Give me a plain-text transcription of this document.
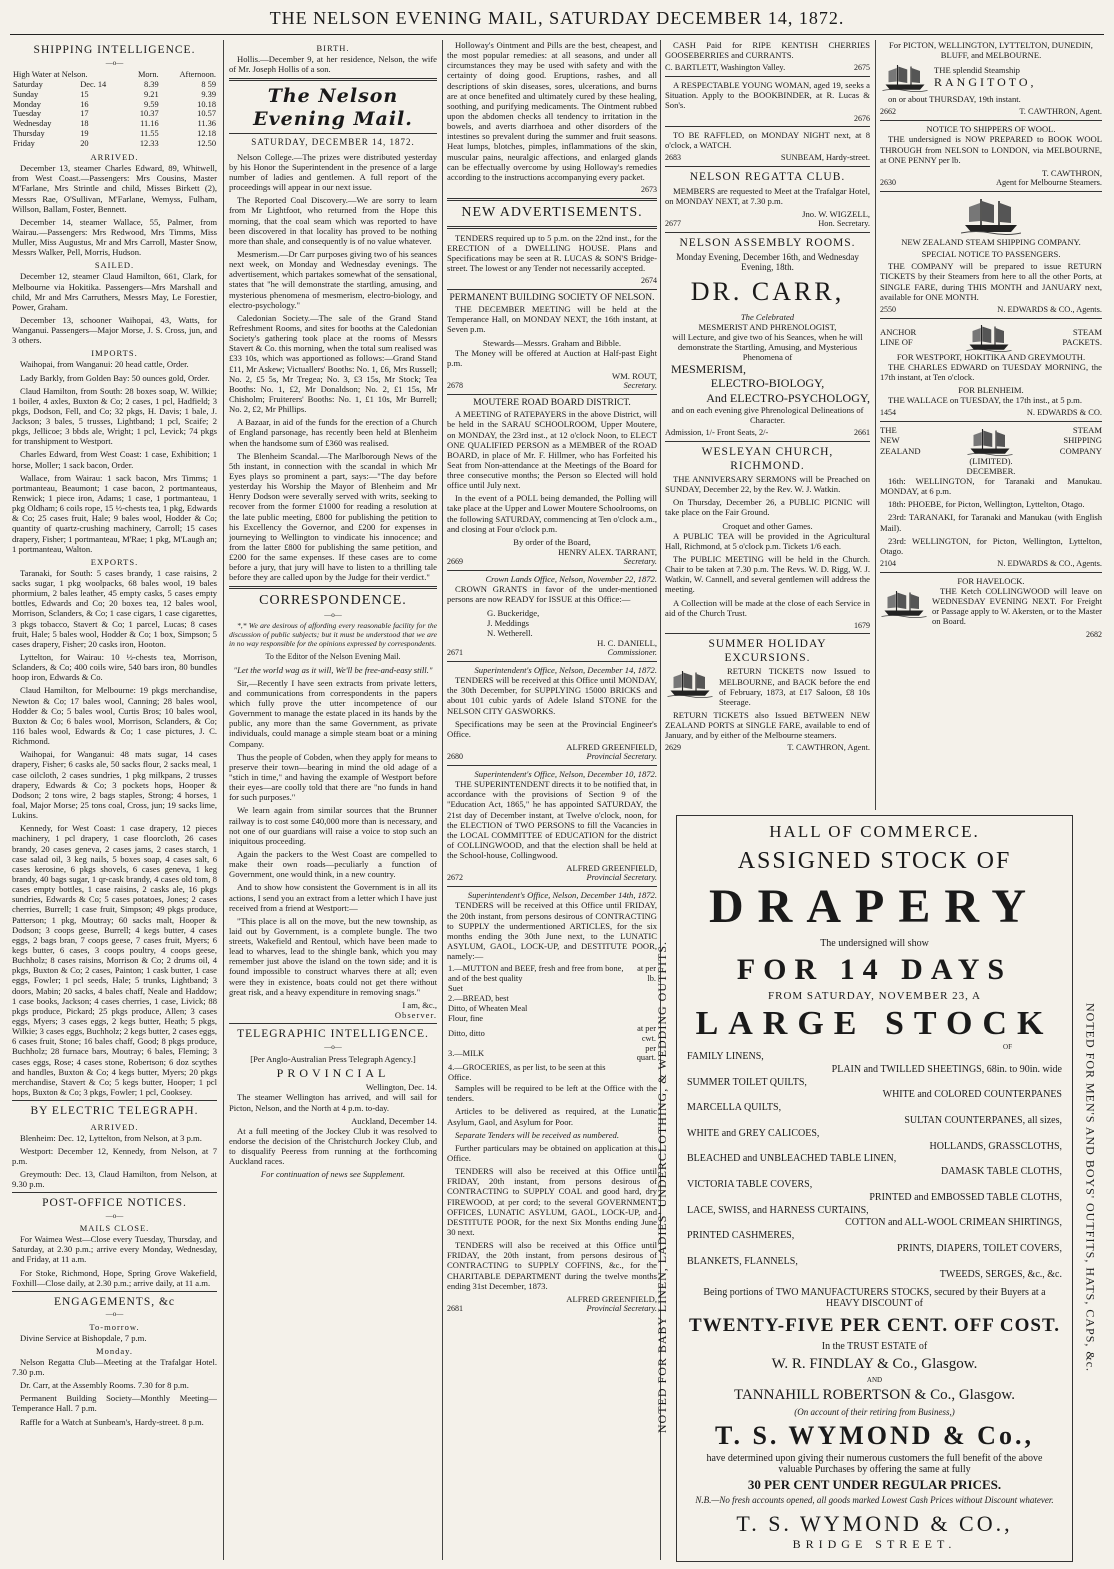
THE NELSON EVENING MAIL, SATURDAY DECEMBER 14, 1872.
SHIPPING INTELLIGENCE.
—o—
High Water at Nelson.		Morn.	Afternoon.
Saturday	Dec. 14	8.39	8 59
Sunday	15	9.21	9.39
Monday	16	9.59	10.18
Tuesday	17	10.37	10.57
Wednesday	18	11.16	11.36
Thursday	19	11.55	12.18
Friday	20	12.33	12.50
ARRIVED.

December 13, steamer Charles Edward, 89, Whitwell, from West Coast.—Passengers: Mrs Cousins, Master M'Farlane, Mrs Strintle and child, Misses Birkett (2), Messrs Rae, O'Sullivan, M'Farlane, Wemyss, Fulham, Willson, Ballam, Foster, Bennett.

December 14, steamer Wallace, 55, Palmer, from Wairau.—Passengers: Mrs Redwood, Mrs Timms, Miss Muller, Miss Augustus, Mr and Mrs Carroll, Master Snow, Messrs Walker, Pell, Morris, Hudson.

SAILED.

December 12, steamer Claud Hamilton, 661, Clark, for Melbourne via Hokitika. Passengers—Mrs Marshall and child, Mr and Mrs Carruthers, Messrs May, Le Forestier, Power, Graham.

December 13, schooner Waihopai, 43, Watts, for Wanganui. Passengers—Major Morse, J. S. Cross, jun, and 3 others.

IMPORTS.

Waihopai, from Wanganui: 20 head cattle, Order.

Lady Barkly, from Golden Bay: 50 ounces gold, Order.

Claud Hamilton, from South: 28 boxes soap, W. Wilkie; 1 boiler, 4 axles, Buxton & Co; 2 cases, 1 pcl, Hadfield; 3 pkgs, Dodson, Fell, and Co; 32 pkgs, H. Davis; 1 bale, J. Jackson; 3 bales, 5 trusses, Lightband; 1 pcl, Scaife; 2 pkgs, Jellicoe; 3 bbds ale, Wright; 1 pcl, Levick; 74 pkgs for transhipment to Westport.

Charles Edward, from West Coast: 1 case, Exhibition; 1 horse, Moller; 1 sack bacon, Order.

Wallace, from Wairau: 1 sack bacon, Mrs Timms; 1 portmanteau, Beaumont; 1 case bacon, 2 portmanteaus, Renwick; 1 piece iron, Adams; 1 case, 1 portmanteau, 1 pkg Oldham; 6 coils rope, 15 ½-chests tea, 1 pkg, Edwards & Co; 25 cases fruit, Hale; 9 bales wool, Hodder & Co; quantity of quartz-crushing machinery, Carroll; 15 cases drapery, Fisher; 1 portmanteau, M'Rae; 1 pkg, M'Laugh an; 1 portmanteau, Walton.

EXPORTS.

Taranaki, for South: 5 cases brandy, 1 case raisins, 2 sacks sugar, 1 pkg woolpacks, 68 bales wool, 19 bales phormium, 2 bales leather, 45 empty casks, 5 cases empty bottles, Edwards and Co; 20 boxes tea, 12 bales wool, Morrison, Sclanders, & Co; 1 case cigars, 1 case cigarettes, 3 pkgs tobacco, Stavert & Co; 1 parcel, Lucas; 8 cases fruit, Hale; 5 bales wool, Hodder & Co; 1 box, Simpson; 5 cases drapery, Fisher; 20 casks iron, Hooton.

Lyttelton, for Wairau: 10 ½-chests tea, Morrison, Sclanders, & Co; 400 coils wire, 540 bars iron, 80 bundles hoop iron, Edwards & Co.

Claud Hamilton, for Melbourne: 19 pkgs merchandise, Newton & Co; 17 bales wool, Canning; 28 bales wool, Hodder & Co; 5 bales wool, Curtis Bros; 10 bales wool, Buxton & Co; 6 bales wool, Morrison, Sclanders, & Co; 116 bales wool, Edwards & Co; 1 case pictures, J. C. Richmond.

Waihopai, for Wanganui: 48 mats sugar, 14 cases drapery, Fisher; 6 casks ale, 50 sacks flour, 2 sacks meal, 1 case oilcloth, 2 cases sundries, 1 pkg milkpans, 2 trusses drapery, Edwards & Co; 3 pockets hops, Hooper & Dodson; 2 tons wire, 2 bags staples, Strong; 4 horses, 1 foal, Major Morse; 25 tons coal, Cross, jun; 19 sacks lime, Lukins.

Kennedy, for West Coast: 1 case drapery, 12 pieces machinery, 1 pcl drapery, 1 case floorcloth, 26 cases brandy, 20 cases geneva, 2 cases jams, 2 cases starch, 1 case salad oil, 3 keg nails, 5 boxes soap, 4 cases salt, 6 cases kerosine, 6 pkgs shovels, 6 cases geneva, 1 keg brandy, 40 bags sugar, 1 qr-cask brandy, 4 cases old tom, 8 cases empty bottles, 1 case raisins, 2 casks ale, 16 pkgs sundries, Edwards & Co; 5 cases potatoes, Jones; 2 cases cherries, Burrell; 1 case fruit, Simpson; 49 pkgs produce, Patterson; 1 pkg, Moutray; 60 sacks malt, Hooper & Dodson; 3 coops geese, Burrell; 4 kegs butter, 4 cases eggs, 2 bags bran, 7 coops geese, 7 cases fruit, Myers; 6 kegs butter, 6 cases, 3 coops poultry, 4 coops geese, Buchholz; 8 cases raisins, Morrison & Co; 2 drums oil, 4 pkgs, Buxton & Co; 2 cases, Painton; 1 cask butter, 1 case eggs, Fowler; 1 pcl seeds, Hale; 5 trunks, Lightband; 3 doors, Mabin; 20 sacks, 4 bales chaff, Neale and Haddow; 1 case books, Jackson; 4 cases cherries, 1 case, Livick; 88 pkgs produce, Pickard; 25 pkgs produce, Allen; 3 cases eggs, Myers; 3 cases eggs, 2 kegs butter, Heath; 5 pkgs, Wilkie; 3 cases eggs, Buchholz; 2 kegs butter, 2 cases eggs, 6 cases fruit, Stone; 16 bales chaff, Good; 8 pkgs produce, Buchholz; 28 furnace bars, Moutray; 6 bales, Fleming; 3 cases eggs, Rose; 4 cases stone, Robertson; 6 doz scythes and handles, Buxton & Co; 4 kegs butter, Myers; 20 pkgs merchandise, Stavert & Co; 5 kegs butter, Hooper; 1 pcl hops, Buxton & Co; 3 pkgs, Fowler; 1 pcl, Cooksey.

BY ELECTRIC TELEGRAPH.
ARRIVED.

Blenheim: Dec. 12, Lyttelton, from Nelson, at 3 p.m.

Westport: December 12, Kennedy, from Nelson, at 7 p.m.

Greymouth: Dec. 13, Claud Hamilton, from Nelson, at 9.30 p.m.

POST-OFFICE NOTICES.
—o—
MAILS CLOSE.

For Waimea West—Close every Tuesday, Thursday, and Saturday, at 2.30 p.m.; arrive every Monday, Wednesday, and Friday, at 11 a.m.

For Stoke, Richmond, Hope, Spring Grove Wakefield, Foxhill—Close daily, at 2.30 p.m.; arrive daily, at 11 a.m.

ENGAGEMENTS, &c
—o—
To-morrow.

Divine Service at Bishopdale, 7 p.m.

Monday.

Nelson Regatta Club—Meeting at the Trafalgar Hotel. 7.30 p.m.

Dr. Carr, at the Assembly Rooms. 7.30 for 8 p.m.

Permanent Building Society—Monthly Meeting—Temperance Hall. 7 p.m.

Raffle for a Watch at Sunbeam's, Hardy-street. 8 p.m.

BIRTH.

Hollis.—December 9, at her residence, Nelson, the wife of Mr. Joseph Hollis of a son.

The Nelson Evening Mail.
SATURDAY, DECEMBER 14, 1872.

Nelson College.—The prizes were distributed yesterday by his Honor the Superintendent in the presence of a large number of ladies and gentlemen. A full report of the proceedings will appear in our next issue.

The Reported Coal Discovery.—We are sorry to learn from Mr Lightfoot, who returned from the Hope this morning, that the coal seam which was reported to have been discovered in that locality has proved to be nothing more than shale, and consequently is of no value whatever.

Mesmerism.—Dr Carr purposes giving two of his seances next week, on Monday and Wednesday evenings. The advertisement, which partakes somewhat of the sensational, states that "he will demonstrate the startling, amusing, and mysterious phenomena of mesmerism, electro-biology, and electro-psychology."

Caledonian Society.—The sale of the Grand Stand Refreshment Rooms, and sites for booths at the Caledonian Society's gathering took place at the rooms of Messrs Stavert & Co. this morning, when the total sum realised was £33 10s, which was apportioned as follows:—Grand Stand £11, Mr Askew; Victuallers' Booths: No. 1, £6, Mrs Russell; No. 2, £5 5s, Mr Tregea; No. 3, £3 15s, Mr Stock; Tea Booths: No. 1, £2, Mr Donaldson; No. 2, £1 15s, Mr Chisholm; Fruiterers' Booths: No. 1, £1 10s, Mr Burrell; No. 2, £2, Mr Phillips.

A Bazaar, in aid of the funds for the erection of a Church of England parsonage, has recently been held at Blenheim when the handsome sum of £360 was realised.

The Blenheim Scandal.—The Marlborough News of the 5th instant, in connection with the scandal in which Mr Eyes plays so prominent a part, says:—"The day before yesterday his Worship the Mayor of Blenheim and Mr Henry Dodson were severally served with writs, seeking to recover from the former £1000 for reading a resolution at the late public meeting, £800 for publishing the petition to his Excellency the Governor, and £200 for expenses in journeying to Wellington to vindicate his innocence; and from the latter £800 for publishing the same petition, and £200 for the same expenses. If these cases are to come before a jury, that jury will have to listen to a thrilling tale before they are called upon by the Judge for their verdict."

CORRESPONDENCE.
—o—

*,* We are desirous of affording every reasonable facility for the discussion of public subjects; but it must be understood that we are in no way responsible for the opinions expressed by correspondents.

To the Editor of the Nelson Evening Mail.
"Let the world wag as it will, We'll be free-and-easy still."

Sir,—Recently I have seen extracts from private letters, and communications from correspondents in the papers which fully prove the utter incompetence of our Government to manage the estate placed in its hands by the public, any more than the same Government, as private individuals, could manage a simple steam boat or a mining Company.

Thus the people of Cobden, when they apply for means to preserve their town—bearing in mind the old adage of a "stich in time," and having the example of Westport before their eyes—are coolly told that there are "no funds in hand for such purposes."

We learn again from similar sources that the Brunner railway is to cost some £40,000 more than is necessary, and not one of our guardians will raise a voice to stop such an iniquitous proceeding.

Again the packers to the West Coast are compelled to make their own roads—peculiarly a function of Government, one would think, in a new country.

And to show how consistent the Government is in all its actions, I send you an extract from a letter which I have just received from a friend at Westport:—

"This place is all on the move, but the new township, as laid out by Government, is a complete bungle. The two streets, Wakefield and Rentoul, which have been made to lead to wharves, lead to the shingle bank, which you may remember just above the island on the town side; and it is found impossible to construct wharves there at all; even were they in existence, boats could not get there without great risk, and a heavy expenditure in removing snags."

I am, &c.,
Observer.
TELEGRAPHIC INTELLIGENCE.
—o—
[Per Anglo-Australian Press Telegraph Agency.]
PROVINCIAL
Wellington, Dec. 14.

The steamer Wellington has arrived, and will sail for Picton, Nelson, and the North at 4 p.m. to-day.

Auckland, December 14.

At a full meeting of the Jockey Club it was resolved to endorse the decision of the Christchurch Jockey Club, and to disqualify Peeress from running at the forthcoming Auckland races.

For continuation of news see Supplement.

Holloway's Ointment and Pills are the best, cheapest, and the most popular remedies: at all seasons, and under all circumstances they may be used with safety and with the certainty of doing good. Eruptions, rashes, and all descriptions of skin diseases, sores, ulcerations, and burns are at once benefited and ultimately cured by these healing, soothing, and purifying medicaments. The Ointment rubbed upon the abdomen checks all tendency to irritation in the bowels, and averts diarrhoea and other disorders of the intestines so prevalent during the summer and fruit seasons. Heat lumps, blotches, pimples, inflammations of the skin, muscular pains, neuralgic affections, and enlarged glands can be effectually overcome by using Holloway's remedies according to the instructions accompanying every packet.

2673
NEW ADVERTISEMENTS.

TENDERS required up to 5 p.m. on the 22nd inst., for the ERECTION of a DWELLING HOUSE. Plans and Specifications may be seen at R. LUCAS & SON'S Bridge-street. The lowest or any Tender not necessarily accepted.

2674
PERMANENT BUILDING SOCIETY OF NELSON.

THE DECEMBER MEETING will be held at the Temperance Hall, on MONDAY NEXT, the 16th instant, at Seven p.m.

Stewards—Messrs. Graham and Bibble.

The Money will be offered at Auction at Half-past Eight p.m.

WM. ROUT,
2678	Secretary.
MOUTERE ROAD BOARD DISTRICT.

A MEETING of RATEPAYERS in the above District, will be held in the SARAU SCHOOLROOM, Upper Moutere, on MONDAY, the 23rd inst., at 12 o'clock Noon, to ELECT ONE QUALIFIED PERSON as a MEMBER of the ROAD BOARD, in place of Mr. F. Hillmer, who has Forfeited his Seat from Non-attendance at the Meetings of the Board for three consecutive months; the Person so Elected will hold office until July next.

In the event of a POLL being demanded, the Polling will take place at the Upper and Lower Moutere Schoolrooms, on the following SATURDAY, commencing at Ten o'clock a.m., and closing at Four o'clock p.m.

By order of the Board,
HENRY ALEX. TARRANT,
2669	Secretary.
Crown Lands Office, Nelson, November 22, 1872.

CROWN GRANTS in favor of the under-mentioned persons are now READY for ISSUE at this Office:—

G. Buckeridge,
J. Meddings
N. Wetherell.
H. C. DANIELL,
2671	Commissioner.
Superintendent's Office, Nelson, December 14, 1872.

TENDERS will be received at this Office until MONDAY, the 30th December, for SUPPLYING 15000 BRICKS and about 101 cubic yards of Adele Island STONE for the NELSON CITY GASWORKS.

Specifications may be seen at the Provincial Engineer's Office.

ALFRED GREENFIELD,
2680	Provincial Secretary.
Superintendent's Office, Nelson, December 10, 1872.

THE SUPERINTENDENT directs it to be notified that, in accordance with the provisions of Section 9 of the "Education Act, 1865," he has appointed SATURDAY, the 21st day of December instant, at Twelve o'clock, noon, for the ELECTION of TWO PERSONS to fill the Vacancies in the LOCAL COMMITTEE of EDUCATION for the district of COLLINGWOOD, and that the election shall be held at the School-house, Collingwood.

ALFRED GREENFIELD,
2672	Provincial Secretary.
Superintendent's Office, Nelson, December 14th, 1872.

TENDERS will be received at this Office until FRIDAY, the 20th instant, from persons desirous of CONTRACTING to SUPPLY the undermentioned ARTICLES, for the six months ending the 30th June next, to the LUNATIC ASYLUM, GAOL, LOCK-UP, and DESTITUTE POOR, namely:—

1.—MUTTON and BEEF, fresh and free from bone, and of the best quality	at per lb.
Suet	
2.—BREAD, best	
Ditto, of Wheaten Meal	
Flour, fine	
Ditto, ditto	at per cwt.
3.—MILK	per quart.
4.—GROCERIES, as per list, to be seen at this Office.	

Samples will be required to be left at the Office with the tenders.

Articles to be delivered as required, at the Lunatic Asylum, Gaol, and Asylum for Poor.

Separate Tenders will be received as numbered.

Further particulars may be obtained on application at this Office.

TENDERS will also be received at this Office until FRIDAY, 20th instant, from persons desirous of CONTRACTING to SUPPLY COAL and good hard, dry FIREWOOD, at per cord; to the several GOVERNMENT OFFICES, LUNATIC ASYLUM, GAOL, LOCK-UP, and DESTITUTE POOR, for the next Six Months ending June 30 next.

TENDERS will also be received at this Office until FRIDAY, the 20th instant, from persons desirous of CONTRACTING to SUPPLY COFFINS, &c., for the CHARITABLE DEPARTMENT during the twelve months ending 31st December, 1873.

ALFRED GREENFIELD,
2681	Provincial Secretary.

CASH Paid for RIPE KENTISH CHERRIES GOOSEBERRIES and CURRANTS.

C. BARTLETT, Washington Valley.	2675

A RESPECTABLE YOUNG WOMAN, aged 19, seeks a Situation. Apply to the BOOKBINDER, at R. Lucas & Son's.

2676

TO BE RAFFLED, on MONDAY NIGHT next, at 8 o'clock, a WATCH.

2683	SUNBEAM, Hardy-street.
NELSON REGATTA CLUB.

MEMBERS are requested to Meet at the Trafalgar Hotel, on MONDAY NEXT, at 7.30 p.m.

Jno. W. WIGZELL,
2677	Hon. Secretary.
NELSON ASSEMBLY ROOMS.
Monday Evening, December 16th, and Wednesday Evening, 18th.
DR. CARR,
The Celebrated
MESMERIST AND PHRENOLOGIST,
will Lecture, and give two of his Seances, when he will demonstrate the Startling, Amusing, and Mysterious Phenomena of
MESMERISM,
ELECTRO-BIOLOGY,
And ELECTRO-PSYCHOLOGY,
and on each evening give Phrenological Delineations of Character.
Admission, 1/- Front Seats, 2/-	2661
WESLEYAN CHURCH, RICHMOND.

THE ANNIVERSARY SERMONS will be Preached on SUNDAY, December 22, by the Rev. W. J. Watkin.

On Thursday, December 26, a PUBLIC PICNIC will take place on the Fair Ground.

Croquet and other Games.

A PUBLIC TEA will be provided in the Agricultural Hall, Richmond, at 5 o'clock p.m. Tickets 1/6 each.

The PUBLIC MEETING will be held in the Church. Chair to be taken at 7.30 p.m. The Revs. W. D. Rigg, W. J. Watkin, W. Cannell, and several gentlemen will address the meeting.

A Collection will be made at the close of each Service in aid of the Church Trust.

1679
SUMMER HOLIDAY EXCURSIONS.

RETURN TICKETS now Issued to MELBOURNE, and BACK before the end of February, 1873, at £17 Saloon, £8 10s Steerage.

RETURN TICKETS also Issued BETWEEN NEW ZEALAND PORTS at SINGLE FARE, available to end of January, and by either of the Melbourne steamers.

2629	T. CAWTHRON, Agent.
For PICTON, WELLINGTON, LYTTELTON, DUNEDIN, BLUFF, and MELBOURNE.
THE splendid Steamship
RANGITOTO,

on or about THURSDAY, 19th instant.

2662	T. CAWTHRON, Agent.
NOTICE TO SHIPPERS OF WOOL.

THE undersigned is NOW PREPARED to BOOK WOOL THROUGH from NELSON to LONDON, via MELBOURNE, at ONE PENNY per lb.

T. CAWTHRON,
2630	Agent for Melbourne Steamers.
NEW ZEALAND STEAM SHIPPING COMPANY.
SPECIAL NOTICE TO PASSENGERS.

THE COMPANY will be prepared to issue RETURN TICKETS by their Steamers from here to all the other Ports, at SINGLE FARE, during THIS MONTH and JANUARY next, available for ONE MONTH.

2550	N. EDWARDS & CO., Agents.
ANCHOR
LINE OF
STEAM
PACKETS.
FOR WESTPORT, HOKITIKA AND GREYMOUTH.

THE CHARLES EDWARD on TUESDAY MORNING, the 17th instant, at Ten o'clock.

FOR BLENHEIM.

THE WALLACE on TUESDAY, the 17th inst., at 5 p.m.

1454	N. EDWARDS & CO.
THE
NEW
ZEALAND
STEAM
SHIPPING
COMPANY
(LIMITED).
DECEMBER.

16th: WELLINGTON, for Taranaki and Manukau. MONDAY, at 6 p.m.

18th: PHOEBE, for Picton, Wellington, Lyttelton, Otago.

23rd: TARANAKI, for Taranaki and Manukau (with English Mail).

23rd: WELLINGTON, for Picton, Wellington, Lyttelton, Otago.

2104	N. EDWARDS & CO., Agents.
FOR HAVELOCK.

THE Ketch COLLINGWOOD will leave on WEDNESDAY EVENING NEXT. For Freight or Passage apply to W. Akersten, or to the Master on Board.

2682
NOTED FOR BABY LINEN, LADIES' UNDERCLOTHING, & WEDDING OUTFITS.
HALL OF COMMERCE.
ASSIGNED STOCK OF
DRAPERY
The undersigned will show
FOR 14 DAYS
FROM SATURDAY, NOVEMBER 23, A
LARGE STOCK
OF
FAMILY LINENS,
PLAIN and TWILLED SHEETINGS, 68in. to 90in. wide
SUMMER TOILET QUILTS,
WHITE and COLORED COUNTERPANES
MARCELLA QUILTS,
SULTAN COUNTERPANES, all sizes,
WHITE and GREY CALICOES,
HOLLANDS, GRASSCLOTHS,
BLEACHED and UNBLEACHED TABLE LINEN,
DAMASK TABLE CLOTHS,
VICTORIA TABLE COVERS,
PRINTED and EMBOSSED TABLE CLOTHS,
LACE, SWISS, and HARNESS CURTAINS,
COTTON and ALL-WOOL CRIMEAN SHIRTINGS,
PRINTED CASHMERES,
PRINTS, DIAPERS, TOILET COVERS,
BLANKETS, FLANNELS,
TWEEDS, SERGES, &c., &c.
Being portions of TWO MANUFACTURERS STOCKS, secured by their Buyers at a HEAVY DISCOUNT of
TWENTY-FIVE PER CENT. OFF COST.
In the TRUST ESTATE of
W. R. FINDLAY & Co., Glasgow.
AND
TANNAHILL ROBERTSON & Co., Glasgow.
(On account of their retiring from Business,)
T. S. WYMOND & Co.,
have determined upon giving their numerous customers the full benefit of the above valuable Purchases by offering the same at fully
30 PER CENT UNDER REGULAR PRICES.
N.B.—No fresh accounts opened, all goods marked Lowest Cash Prices without Discount whatever.
T. S. WYMOND & CO.,
BRIDGE STREET.
NOTED FOR MEN'S AND BOYS' OUTFITS, HATS, CAPS, &c.
